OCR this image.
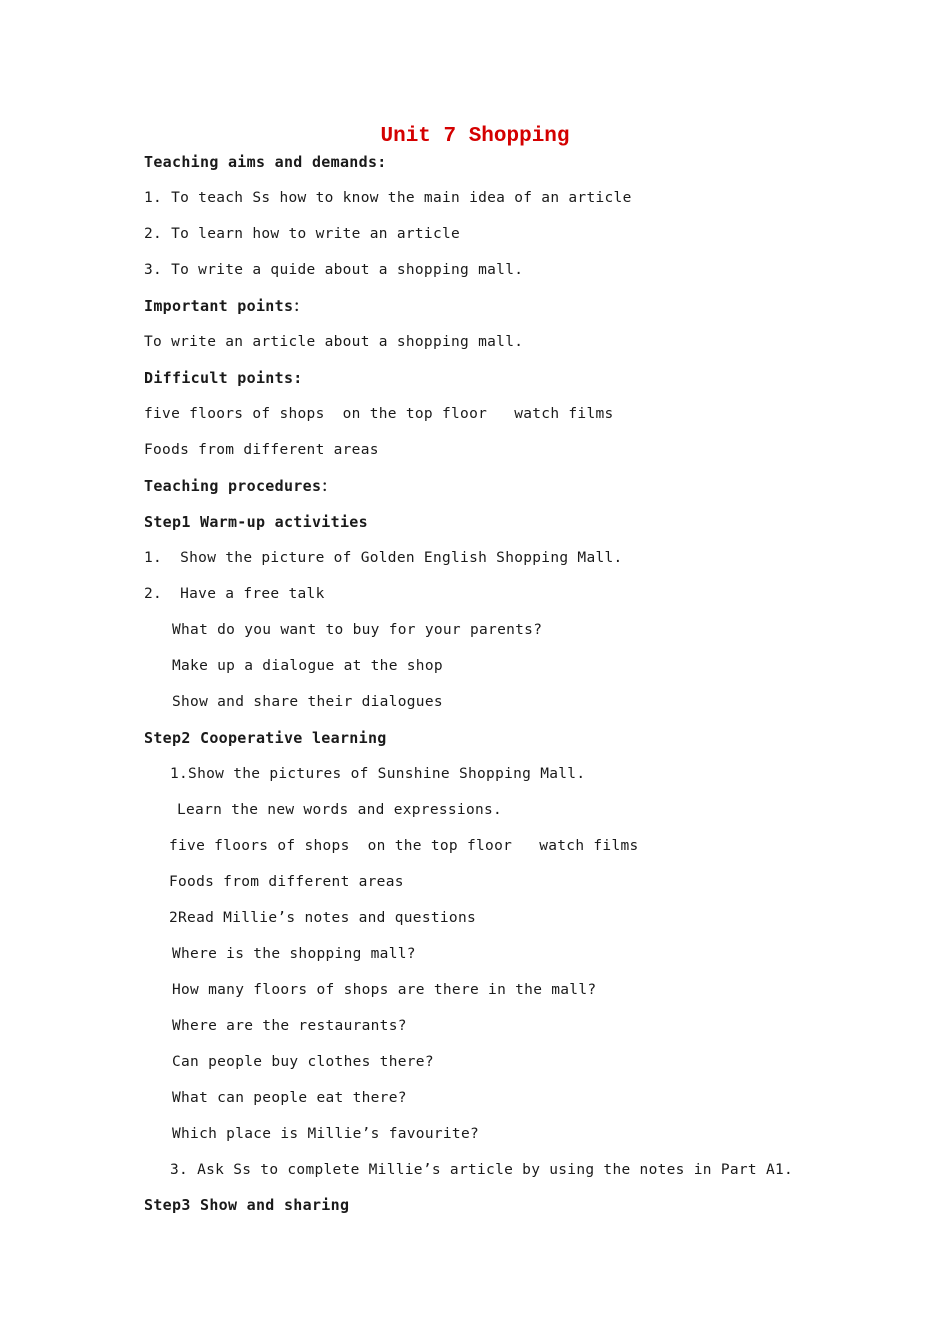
Unit 7 Shopping
Teaching aims and demands:
1. To teach Ss how to know the main idea of an article
2. To learn how to write an article
3. To write a quide about a shopping mall.
Important points：
To write an article about a shopping mall.
Difficult points:
five floors of shops  on the top floor   watch films
Foods from different areas
Teaching procedures：
Step1 Warm-up activities
1.  Show the picture of Golden English Shopping Mall.
2.  Have a free talk
What do you want to buy for your parents?
Make up a dialogue at the shop
Show and share their dialogues
Step2 Cooperative learning
1.Show the pictures of Sunshine Shopping Mall.
Learn the new words and expressions.
five floors of shops  on the top floor   watch films
Foods from different areas
2Read Millie’s notes and questions
Where is the shopping mall?
How many floors of shops are there in the mall?
Where are the restaurants?
Can people buy clothes there?
What can people eat there?
Which place is Millie’s favourite?
3. Ask Ss to complete Millie’s article by using the notes in Part A1.
Step3 Show and sharing
